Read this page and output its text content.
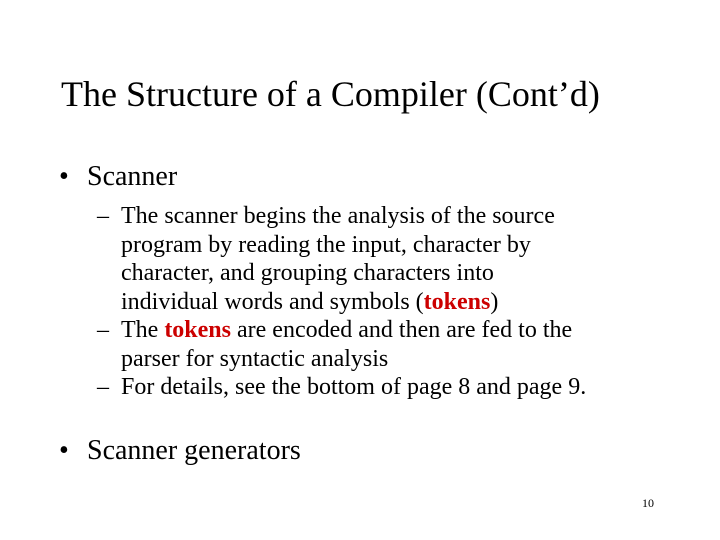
The Structure of a Compiler (Cont’d)
• Scanner
– The scanner begins the analysis of the source
program by reading the input, character by
character, and grouping characters into
individual words and symbols (tokens)
– The tokens are encoded and then are fed to the
parser for syntactic analysis
– For details, see the bottom of page 8 and page 9.
• Scanner generators
10
